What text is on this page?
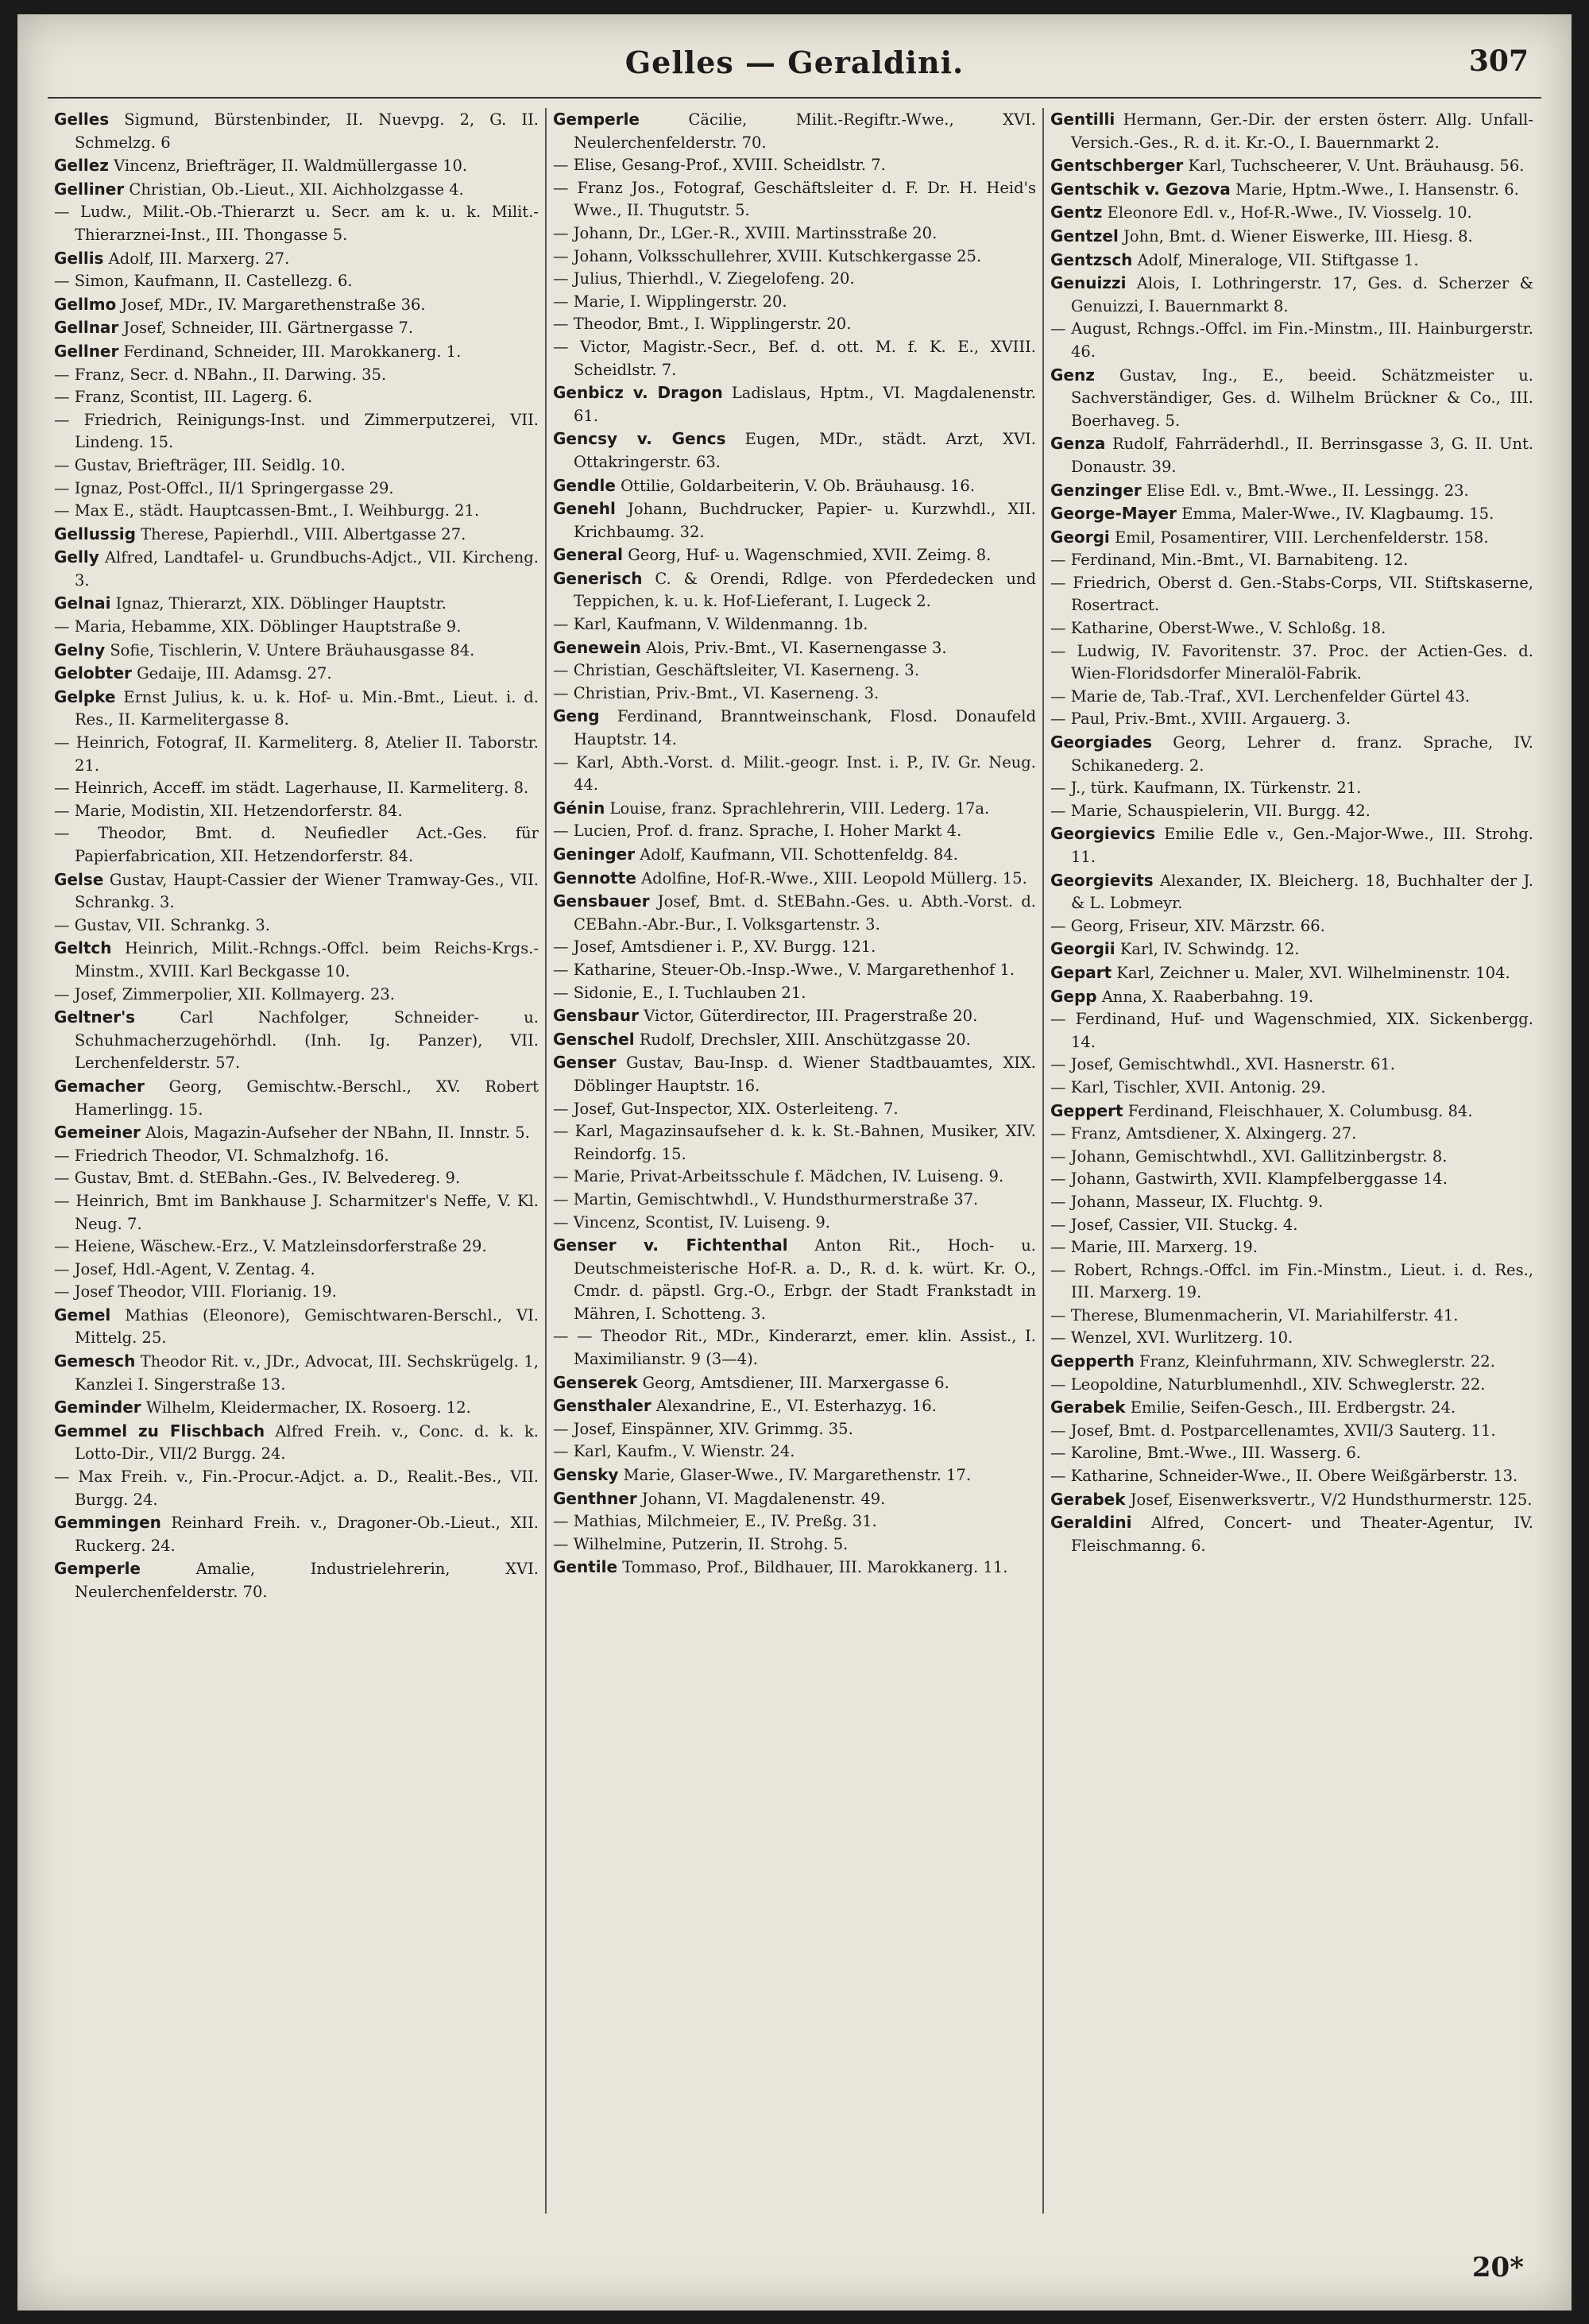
Gelles — Geraldini.	307
Gelles Sigmund, Bürstenbinder, II. Nuevpg. 2, G. II. Schmelzg. 6
Gellez Vincenz, Briefträger, II. Waldmüllergasse 10.
Gelliner Christian, Ob.-Lieut., XII. Aichholzgasse 4.
— Ludw., Milit.-Ob.-Thierarzt u. Secr. am k. u. k. Milit.-Thierarznei-Inst., III. Thongasse 5.
Gellis Adolf, III. Marxerg. 27.
— Simon, Kaufmann, II. Castellezg. 6.
Gellmo Josef, MDr., IV. Margarethenstraße 36.
Gellnar Josef, Schneider, III. Gärtnergasse 7.
Gellner Ferdinand, Schneider, III. Marokkanerg. 1.
— Franz, Secr. d. NBahn., II. Darwing. 35.
— Franz, Scontist, III. Lagerg. 6.
— Friedrich, Reinigungs-Inst. und Zimmerputzerei, VII. Lindeng. 15.
— Gustav, Briefträger, III. Seidlg. 10.
— Ignaz, Post-Offcl., II/1 Springergasse 29.
— Max E., städt. Hauptcassen-Bmt., I. Weihburgg. 21.
Gellussig Therese, Papierhdl., VIII. Albertgasse 27.
Gelly Alfred, Landtafel- u. Grundbuchs-Adjct., VII. Kircheng. 3.
Gelnai Ignaz, Thierarzt, XIX. Döblinger Hauptstr.
— Maria, Hebamme, XIX. Döblinger Hauptstraße 9.
Gelny Sofie, Tischlerin, V. Untere Bräuhausgasse 84.
Gelobter Gedaije, III. Adamsg. 27.
Gelpke Ernst Julius, k. u. k. Hof- u. Min.-Bmt., Lieut. i. d. Res., II. Karmelitergasse 8.
— Heinrich, Fotograf, II. Karmeliterg. 8, Atelier II. Taborstr. 21.
— Heinrich, Acceff. im städt. Lagerhause, II. Karmeliterg. 8.
— Marie, Modistin, XII. Hetzendorferstr. 84.
— Theodor, Bmt. d. Neufiedler Act.-Ges. für Papierfabrication, XII. Hetzendorferstr. 84.
Gelse Gustav, Haupt-Cassier der Wiener Tramway-Ges., VII. Schrankg. 3.
— Gustav, VII. Schrankg. 3.
Geltch Heinrich, Milit.-Rchngs.-Offcl. beim Reichs-Krgs.-Minstm., XVIII. Karl Beckgasse 10.
— Josef, Zimmerpolier, XII. Kollmayerg. 23.
Geltner's Carl Nachfolger, Schneider- u. Schuhmacherzugehörhdl. (Inh. Ig. Panzer), VII. Lerchenfelderstr. 57.
Gemacher Georg, Gemischtw.-Berschl., XV. Robert Hamerlingg. 15.
Gemeiner Alois, Magazin-Aufseher der NBahn, II. Innstr. 5.
— Friedrich Theodor, VI. Schmalzhofg. 16.
— Gustav, Bmt. d. StEBahn.-Ges., IV. Belvedereg. 9.
— Heinrich, Bmt im Bankhause J. Scharmitzer's Neffe, V. Kl. Neug. 7.
— Heiene, Wäschew.-Erz., V. Matzleinsdorferstraße 29.
— Josef, Hdl.-Agent, V. Zentag. 4.
— Josef Theodor, VIII. Florianig. 19.
Gemel Mathias (Eleonore), Gemischtwaren-Berschl., VI. Mittelg. 25.
Gemesch Theodor Rit. v., JDr., Advocat, III. Sechskrügelg. 1, Kanzlei I. Singerstraße 13.
Geminder Wilhelm, Kleidermacher, IX. Rosoerg. 12.
Gemmel zu Flischbach Alfred Freih. v., Conc. d. k. k. Lotto-Dir., VII/2 Burgg. 24.
— Max Freih. v., Fin.-Procur.-Adjct. a. D., Realit.-Bes., VII. Burgg. 24.
Gemmingen Reinhard Freih. v., Dragoner-Ob.-Lieut., XII. Ruckerg. 24.
Gemperle Amalie, Industrielehrerin, XVI. Neulerchenfelderstr. 70.
Gemperle Cäcilie, Milit.-Regiftr.-Wwe., XVI. Neulerchenfelderstr. 70.
— Elise, Gesang-Prof., XVIII. Scheidlstr. 7.
— Franz Jos., Fotograf, Geschäftsleiter d. F. Dr. H. Heid's Wwe., II. Thugutstr. 5.
— Johann, Dr., LGer.-R., XVIII. Martinsstraße 20.
— Johann, Volksschullehrer, XVIII. Kutschkergasse 25.
— Julius, Thierhdl., V. Ziegelofeng. 20.
— Marie, I. Wipplingerstr. 20.
— Theodor, Bmt., I. Wipplingerstr. 20.
— Victor, Magistr.-Secr., Bef. d. ott. M. f. K. E., XVIII. Scheidlstr. 7.
Genbicz v. Dragon Ladislaus, Hptm., VI. Magdalenenstr. 61.
Gencsy v. Gencs Eugen, MDr., städt. Arzt, XVI. Ottakringerstr. 63.
Gendle Ottilie, Goldarbeiterin, V. Ob. Bräuhausg. 16.
Genehl Johann, Buchdrucker, Papier- u. Kurzwhdl., XII. Krichbaumg. 32.
General Georg, Huf- u. Wagenschmied, XVII. Zeimg. 8.
Generisch C. & Orendi, Rdlge. von Pferdedecken und Teppichen, k. u. k. Hof-Lieferant, I. Lugeck 2.
— Karl, Kaufmann, V. Wildenmanng. 1b.
Genewein Alois, Priv.-Bmt., VI. Kasernengasse 3.
— Christian, Geschäftsleiter, VI. Kaserneng. 3.
— Christian, Priv.-Bmt., VI. Kaserneng. 3.
Geng Ferdinand, Branntweinschank, Flosd. Donaufeld Hauptstr. 14.
— Karl, Abth.-Vorst. d. Milit.-geogr. Inst. i. P., IV. Gr. Neug. 44.
Génin Louise, franz. Sprachlehrerin, VIII. Lederg. 17a.
— Lucien, Prof. d. franz. Sprache, I. Hoher Markt 4.
Geninger Adolf, Kaufmann, VII. Schottenfeldg. 84.
Gennotte Adolfine, Hof-R.-Wwe., XIII. Leopold Müllerg. 15.
Gensbauer Josef, Bmt. d. StEBahn.-Ges. u. Abth.-Vorst. d. CEBahn.-Abr.-Bur., I. Volksgartenstr. 3.
— Josef, Amtsdiener i. P., XV. Burgg. 121.
— Katharine, Steuer-Ob.-Insp.-Wwe., V. Margarethenhof 1.
— Sidonie, E., I. Tuchlauben 21.
Gensbaur Victor, Güterdirector, III. Pragerstraße 20.
Genschel Rudolf, Drechsler, XIII. Anschützgasse 20.
Genser Gustav, Bau-Insp. d. Wiener Stadtbauamtes, XIX. Döblinger Hauptstr. 16.
— Josef, Gut-Inspector, XIX. Osterleiteng. 7.
— Karl, Magazinsaufseher d. k. k. St.-Bahnen, Musiker, XIV. Reindorfg. 15.
— Marie, Privat-Arbeitsschule f. Mädchen, IV. Luiseng. 9.
— Martin, Gemischtwhdl., V. Hundsthurmerstraße 37.
— Vincenz, Scontist, IV. Luiseng. 9.
Genser v. Fichtenthal Anton Rit., Hoch- u. Deutschmeisterische Hof-R. a. D., R. d. k. würt. Kr. O., Cmdr. d. päpstl. Grg.-O., Erbgr. der Stadt Frankstadt in Mähren, I. Schotteng. 3.
— — Theodor Rit., MDr., Kinderarzt, emer. klin. Assist., I. Maximilianstr. 9 (3—4).
Genserek Georg, Amtsdiener, III. Marxergasse 6.
Gensthaler Alexandrine, E., VI. Esterhazyg. 16.
— Josef, Einspänner, XIV. Grimmg. 35.
— Karl, Kaufm., V. Wienstr. 24.
Gensky Marie, Glaser-Wwe., IV. Margarethenstr. 17.
Genthner Johann, VI. Magdalenenstr. 49.
— Mathias, Milchmeier, E., IV. Preßg. 31.
— Wilhelmine, Putzerin, II. Strohg. 5.
Gentile Tommaso, Prof., Bildhauer, III. Marokkanerg. 11.
Gentilli Hermann, Ger.-Dir. der ersten österr. Allg. Unfall-Versich.-Ges., R. d. it. Kr.-O., I. Bauernmarkt 2.
Gentschberger Karl, Tuchscheerer, V. Unt. Bräuhausg. 56.
Gentschik v. Gezova Marie, Hptm.-Wwe., I. Hansenstr. 6.
Gentz Eleonore Edl. v., Hof-R.-Wwe., IV. Viosselg. 10.
Gentzel John, Bmt. d. Wiener Eiswerke, III. Hiesg. 8.
Gentzsch Adolf, Mineraloge, VII. Stiftgasse 1.
Genuizzi Alois, I. Lothringerstr. 17, Ges. d. Scherzer & Genuizzi, I. Bauernmarkt 8.
— August, Rchngs.-Offcl. im Fin.-Minstm., III. Hainburgerstr. 46.
Genz Gustav, Ing., E., beeid. Schätzmeister u. Sachverständiger, Ges. d. Wilhelm Brückner & Co., III. Boerhaveg. 5.
Genza Rudolf, Fahrräderhdl., II. Berrinsgasse 3, G. II. Unt. Donaustr. 39.
Genzinger Elise Edl. v., Bmt.-Wwe., II. Lessingg. 23.
George-Mayer Emma, Maler-Wwe., IV. Klagbaumg. 15.
Georgi Emil, Posamentirer, VIII. Lerchenfelderstr. 158.
— Ferdinand, Min.-Bmt., VI. Barnabiteng. 12.
— Friedrich, Oberst d. Gen.-Stabs-Corps, VII. Stiftskaserne, Rosertract.
— Katharine, Oberst-Wwe., V. Schloßg. 18.
— Ludwig, IV. Favoritenstr. 37. Proc. der Actien-Ges. d. Wien-Floridsdorfer Mineralöl-Fabrik.
— Marie de, Tab.-Traf., XVI. Lerchenfelder Gürtel 43.
— Paul, Priv.-Bmt., XVIII. Argauerg. 3.
Georgiades Georg, Lehrer d. franz. Sprache, IV. Schikanederg. 2.
— J., türk. Kaufmann, IX. Türkenstr. 21.
— Marie, Schauspielerin, VII. Burgg. 42.
Georgievics Emilie Edle v., Gen.-Major-Wwe., III. Strohg. 11.
Georgievits Alexander, IX. Bleicherg. 18, Buchhalter der J. & L. Lobmeyr.
— Georg, Friseur, XIV. Märzstr. 66.
Georgii Karl, IV. Schwindg. 12.
Gepart Karl, Zeichner u. Maler, XVI. Wilhelminenstr. 104.
Gepp Anna, X. Raaberbahng. 19.
— Ferdinand, Huf- und Wagenschmied, XIX. Sickenbergg. 14.
— Josef, Gemischtwhdl., XVI. Hasnerstr. 61.
— Karl, Tischler, XVII. Antonig. 29.
Geppert Ferdinand, Fleischhauer, X. Columbusg. 84.
— Franz, Amtsdiener, X. Alxingerg. 27.
— Johann, Gemischtwhdl., XVI. Gallitzinbergstr. 8.
— Johann, Gastwirth, XVII. Klampfelberggasse 14.
— Johann, Masseur, IX. Fluchtg. 9.
— Josef, Cassier, VII. Stuckg. 4.
— Marie, III. Marxerg. 19.
— Robert, Rchngs.-Offcl. im Fin.-Minstm., Lieut. i. d. Res., III. Marxerg. 19.
— Therese, Blumenmacherin, VI. Mariahilferstr. 41.
— Wenzel, XVI. Wurlitzerg. 10.
Gepperth Franz, Kleinfuhrmann, XIV. Schweglerstr. 22.
— Leopoldine, Naturblumenhdl., XIV. Schweglerstr. 22.
Gerabek Emilie, Seifen-Gesch., III. Erdbergstr. 24.
— Josef, Bmt. d. Postparcellenamtes, XVII/3 Sauterg. 11.
— Karoline, Bmt.-Wwe., III. Wasserg. 6.
— Katharine, Schneider-Wwe., II. Obere Weißgärberstr. 13.
Gerabek Josef, Eisenwerksvertr., V/2 Hundsthurmerstr. 125.
Geraldini Alfred, Concert- und Theater-Agentur, IV. Fleischmanng. 6.
20*
